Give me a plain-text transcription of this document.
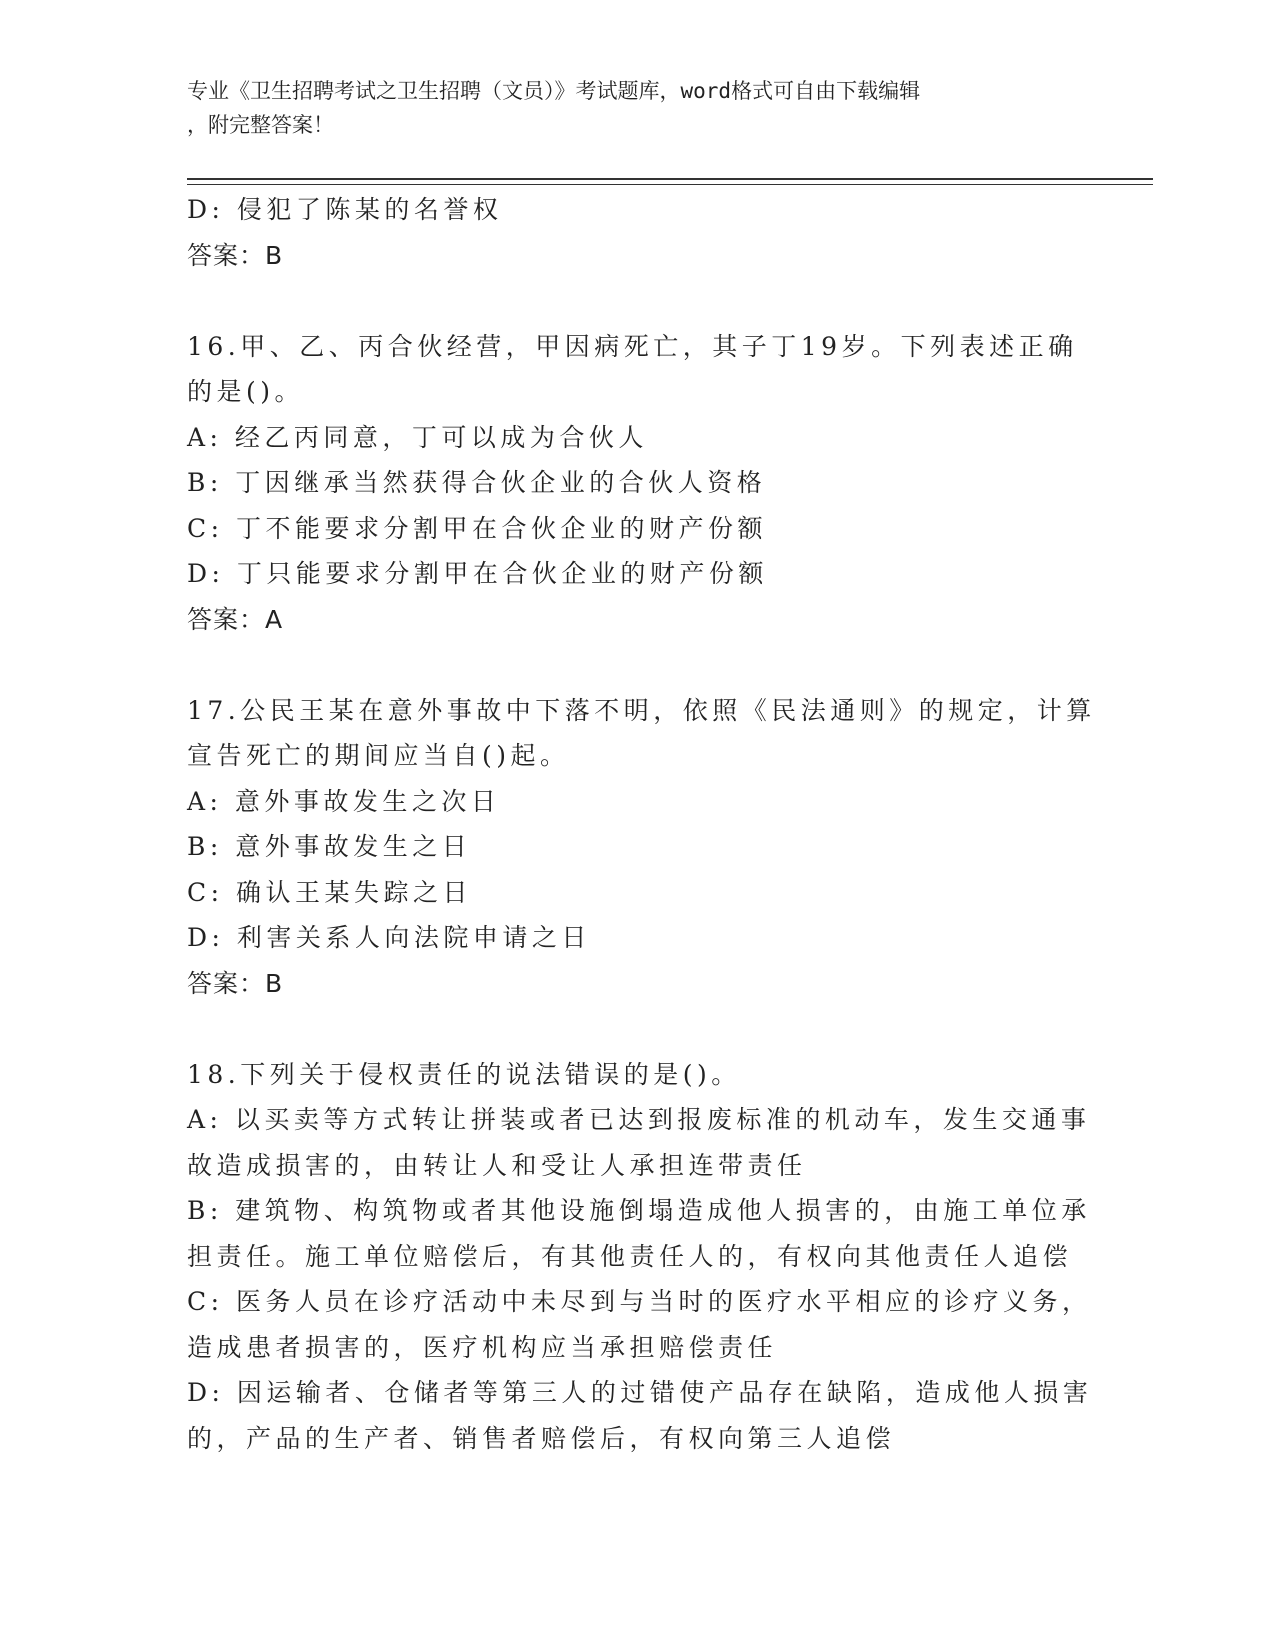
专业《卫生招聘考试之卫生招聘（文员）》考试题库，word格式可自由下载编辑
，附完整答案！
D: 侵犯了陈某的名誉权
答案：B
16.甲、乙、丙合伙经营，甲因病死亡，其子丁19岁。下列表述正确
的是()。
A: 经乙丙同意，丁可以成为合伙人
B: 丁因继承当然获得合伙企业的合伙人资格
C: 丁不能要求分割甲在合伙企业的财产份额
D: 丁只能要求分割甲在合伙企业的财产份额
答案：A
17.公民王某在意外事故中下落不明，依照《民法通则》的规定，计算
宣告死亡的期间应当自()起。
A: 意外事故发生之次日
B: 意外事故发生之日
C: 确认王某失踪之日
D: 利害关系人向法院申请之日
答案：B
18.下列关于侵权责任的说法错误的是()。
A: 以买卖等方式转让拼装或者已达到报废标准的机动车，发生交通事
故造成损害的，由转让人和受让人承担连带责任
B: 建筑物、构筑物或者其他设施倒塌造成他人损害的，由施工单位承
担责任。施工单位赔偿后，有其他责任人的，有权向其他责任人追偿
C: 医务人员在诊疗活动中未尽到与当时的医疗水平相应的诊疗义务，
造成患者损害的，医疗机构应当承担赔偿责任
D: 因运输者、仓储者等第三人的过错使产品存在缺陷，造成他人损害
的，产品的生产者、销售者赔偿后，有权向第三人追偿
